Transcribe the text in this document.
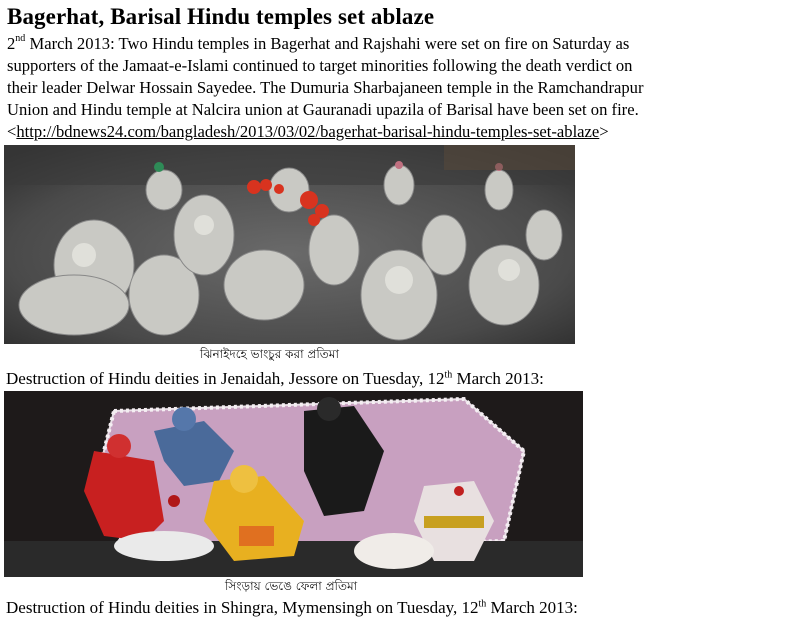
Bagerhat, Barisal Hindu temples set ablaze
2nd March 2013: Two Hindu temples in Bagerhat and Rajshahi were set on fire on Saturday as
supporters of the Jamaat-e-Islami continued to target minorities following the death verdict on
their leader Delwar Hossain Sayedee. The Dumuria Sharbajaneen temple in the Ramchandrapur
Union and Hindu temple at Nalcira union at Gauranadi upazila of Barisal have been set on fire.
<http://bdnews24.com/bangladesh/2013/03/02/bagerhat-barisal-hindu-temples-set-ablaze>
ঝিনাইদহে ভাংচুর করা প্রতিমা
Destruction of Hindu deities in Jenaidah, Jessore on Tuesday, 12th March 2013:
সিংড়ায় ভেঙে ফেলা প্রতিমা
Destruction of Hindu deities in Shingra, Mymensingh on Tuesday, 12th March 2013:
